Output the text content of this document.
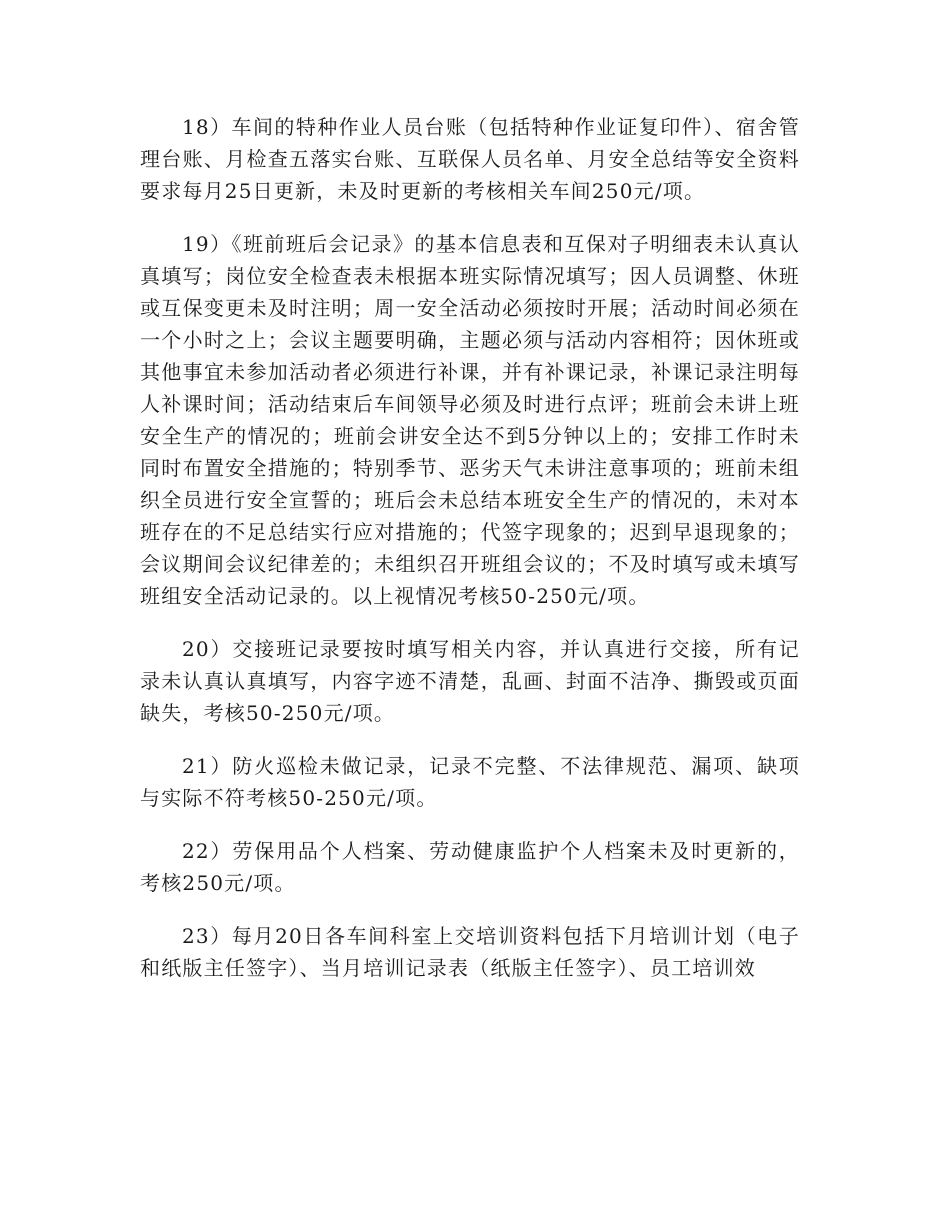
18）车间的特种作业人员台账（包括特种作业证复印件）、宿舍管理台账、月检查五落实台账、互联保人员名单、月安全总结等安全资料要求每月25日更新，未及时更新的考核相关车间250元/项。

19）《班前班后会记录》的基本信息表和互保对子明细表未认真认真填写；岗位安全检查表未根据本班实际情况填写；因人员调整、休班或互保变更未及时注明；周一安全活动必须按时开展；活动时间必须在一个小时之上；会议主题要明确，主题必须与活动内容相符；因休班或其他事宜未参加活动者必须进行补课，并有补课记录，补课记录注明每人补课时间；活动结束后车间领导必须及时进行点评；班前会未讲上班安全生产的情况的；班前会讲安全达不到5分钟以上的；安排工作时未同时布置安全措施的；特别季节、恶劣天气未讲注意事项的；班前未组织全员进行安全宣誓的；班后会未总结本班安全生产的情况的，未对本班存在的不足总结实行应对措施的；代签字现象的；迟到早退现象的；会议期间会议纪律差的；未组织召开班组会议的；不及时填写或未填写班组安全活动记录的。以上视情况考核50-250元/项。

20）交接班记录要按时填写相关内容，并认真进行交接，所有记录未认真认真填写，内容字迹不清楚，乱画、封面不洁净、撕毁或页面缺失，考核50-250元/项。

21）防火巡检未做记录，记录不完整、不法律规范、漏项、缺项与实际不符考核50-250元/项。

22）劳保用品个人档案、劳动健康监护个人档案未及时更新的，考核250元/项。

23）每月20日各车间科室上交培训资料包括下月培训计划（电子和纸版主任签字）、当月培训记录表（纸版主任签字）、员工培训效
